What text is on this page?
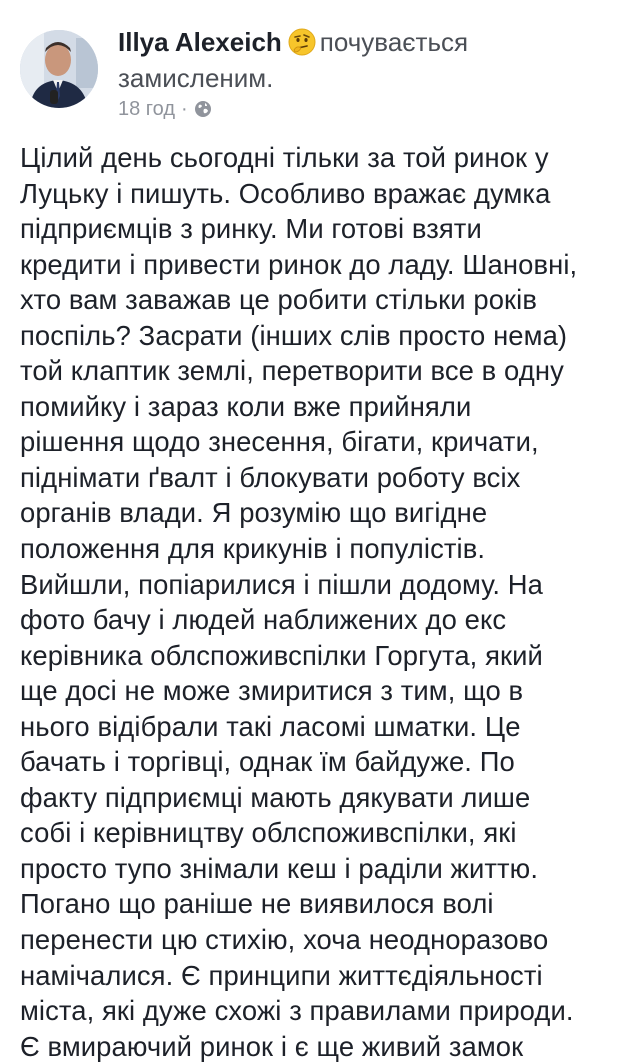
Illya Alexeich почувається
замисленим.
18 год ·
Цілий день сьогодні тільки за той ринок у
Луцьку і пишуть. Особливо вражає думка
підприємців з ринку. Ми готові взяти
кредити і привести ринок до ладу. Шановні,
хто вам заважав це робити стільки років
поспіль? Засрати (інших слів просто нема)
той клаптик землі, перетворити все в одну
помийку і зараз коли вже прийняли
рішення щодо знесення, бігати, кричати,
піднімати ґвалт і блокувати роботу всіх
органів влади. Я розумію що вигідне
положення для крикунів і популістів.
Вийшли, попіарилися і пішли додому. На
фото бачу і людей наближених до екс
керівника облспоживспілки Горгута, який
ще досі не може змиритися з тим, що в
нього відібрали такі ласомі шматки. Це
бачать і торгівці, однак їм байдуже. По
факту підприємці мають дякувати лише
собі і керівництву облспоживспілки, які
просто тупо знімали кеш і раділи життю.
Погано що раніше не виявилося волі
перенести цю стихію, хоча неодноразово
намічалися. Є принципи життєдіяльності
міста, які дуже схожі з правилами природи.
Є вмираючий ринок і є ще живий замок
